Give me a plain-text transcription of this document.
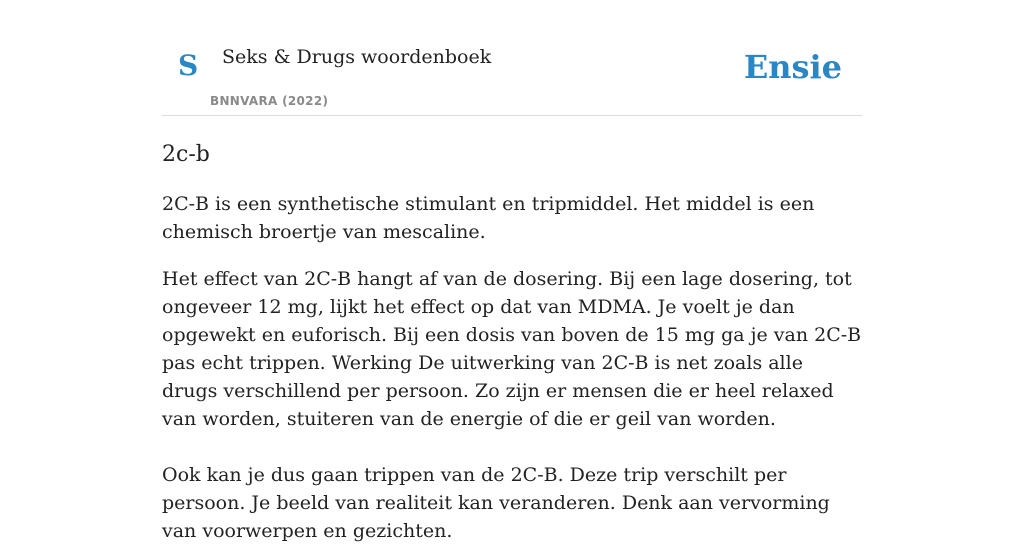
S Seks & Drugs woordenboek
BNNVARA (2022)
Ensie
2c-b

2C-B is een synthetische stimulant en tripmiddel. Het middel is een chemisch broertje van mescaline.

Het effect van 2C-B hangt af van de dosering. Bij een lage dosering, tot ongeveer 12 mg, lijkt het effect op dat van MDMA. Je voelt je dan opgewekt en euforisch. Bij een dosis van boven de 15 mg ga je van 2C-B pas echt trippen. Werking De uitwerking van 2C-B is net zoals alle drugs verschillend per persoon. Zo zijn er mensen die er heel relaxed van worden, stuiteren van de energie of die er geil van worden.

Ook kan je dus gaan trippen van de 2C-B. Deze trip verschilt per persoon. Je beeld van realiteit kan veranderen. Denk aan vervorming van voorwerpen en gezichten.
